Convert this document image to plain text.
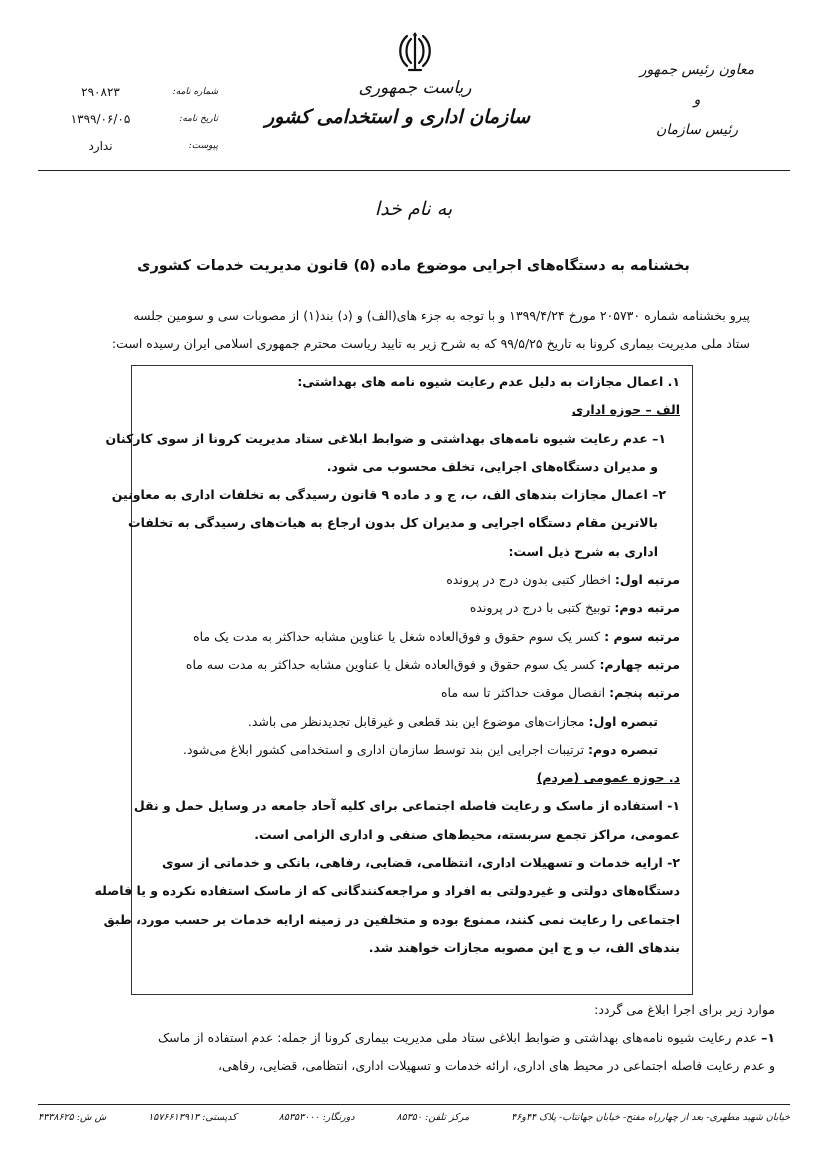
معاون رئیس جمهور
و
رئیس سازمان
ریاست جمهوری
سازمان اداری و استخدامی کشور
شماره نامه:
۲۹۰۸۲۳
تاریخ نامه:
۱۳۹۹/۰۶/۰۵
پیوست:
ندارد
به نام خدا
بخشنامه به دستگاه‌های اجرایی موضوع ماده (۵) قانون مدیریت خدمات کشوری

پیرو بخشنامه شماره ۲۰۵۷۳۰ مورخ ۱۳۹۹/۴/۲۴ و با توجه به جزء های(الف) و (د) بند(۱) از مصوبات سی و سومین جلسه

ستاد ملی مدیریت بیماری کرونا به تاریخ ۹۹/۵/۲۵ که به شرح زیر به تایید ریاست محترم جمهوری اسلامی ایران رسیده است:

۱. اعمال مجازات به دلیل عدم رعایت شیوه نامه های بهداشتی:

الف – حوزه اداری

۱– عدم رعایت شیوه نامه‌های بهداشتی و ضوابط ابلاغی ستاد مدیریت کرونا از سوی کارکنان

و مدیران دستگاه‌های اجرایی، تخلف محسوب می شود.

۲– اعمال مجازات بندهای الف، ب، ج و د ماده ۹ قانون رسیدگی به تخلفات اداری به معاونین

بالاترین مقام دستگاه اجرایی و مدیران کل بدون ارجاع به هیات‌های رسیدگی به تخلفات

اداری به شرح ذیل است:

مرتبه اول: اخطار کتبی بدون درج در پرونده

مرتبه دوم: توبیخ کتبی با درج در پرونده

مرتبه سوم : کسر یک سوم حقوق و فوق‌العاده شغل یا عناوین مشابه حداکثر به مدت یک ماه

مرتبه چهارم: کسر یک سوم حقوق و فوق‌العاده شغل یا عناوین مشابه حداکثر به مدت سه ماه

مرتبه پنجم: انفصال موقت حداکثر تا سه ماه

تبصره اول: مجازات‌های موضوع این بند قطعی و غیرقابل تجدیدنظر می باشد.

تبصره دوم: ترتیبات اجرایی این بند توسط سازمان اداری و استخدامی کشور ابلاغ می‌شود.

د. حوزه عمومی (مردم)

۱- استفاده از ماسک و رعایت فاصله اجتماعی برای کلیه آحاد جامعه در وسایل حمل و نقل

عمومی، مراکز تجمع سربسته، محیط‌های صنفی و اداری الزامی است.

۲- ارایه خدمات و تسهیلات اداری، انتظامی، قضایی، رفاهی، بانکی و خدماتی از سوی

دستگاه‌های دولتی و غیردولتی به افراد و مراجعه‌کنندگانی که از ماسک استفاده نکرده و یا فاصله

اجتماعی را رعایت نمی کنند، ممنوع بوده و متخلفین در زمینه ارایه خدمات بر حسب مورد، طبق

بندهای الف، ب و ج این مصوبه مجازات خواهند شد.

موارد زیر برای اجرا ابلاغ می گردد:

۱– عدم رعایت شیوه نامه‌های بهداشتی و ضوابط ابلاغی ستاد ملی مدیریت بیماری کرونا از جمله: عدم استفاده از ماسک

و عدم رعایت فاصله اجتماعی در محیط های اداری، ارائه خدمات و تسهیلات اداری، انتظامی، قضایی، رفاهی،

خیابان شهید مطهری- بعد از چهارراه مفتح- خیابان جهانتاب- پلاک ۴۴و۴۶
مرکز تلفن: ۸۵۳۵۰
دورنگار: ۸۵۳۵۳۰۰۰
کدپستی: ۱۵۷۶۶۱۳۹۱۳
ش ش: ۴۳۳۸۶۲۵
